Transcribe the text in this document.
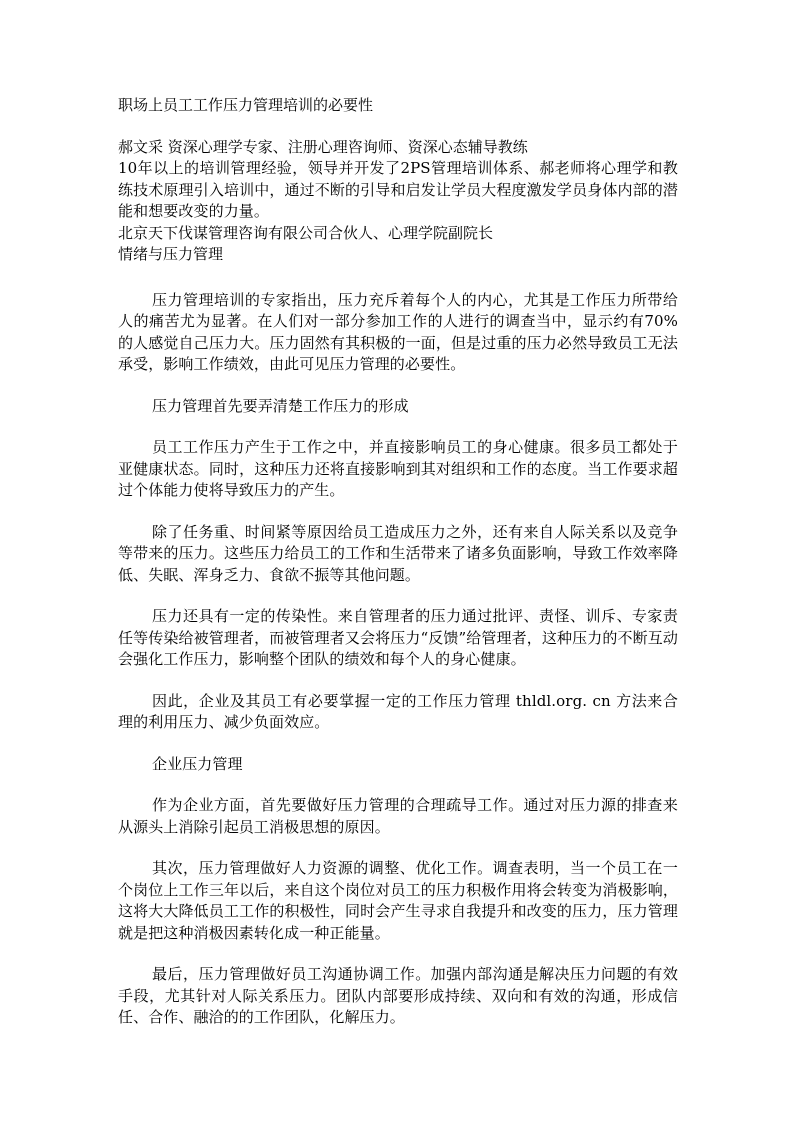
职场上员工工作压力管理培训的必要性
郝文采 资深心理学专家、注册心理咨询师、资深心态辅导教练
10年以上的培训管理经验，领导并开发了2PS管理培训体系、郝老师将心理学和教练技术原理引入培训中，通过不断的引导和启发让学员大程度激发学员身体内部的潜能和想要改变的力量。
北京天下伐谋管理咨询有限公司合伙人、心理学院副院长
情绪与压力管理
压力管理培训的专家指出，压力充斥着每个人的内心，尤其是工作压力所带给人的痛苦尤为显著。在人们对一部分参加工作的人进行的调查当中，显示约有70%的人感觉自己压力大。压力固然有其积极的一面，但是过重的压力必然导致员工无法承受，影响工作绩效，由此可见压力管理的必要性。
压力管理首先要弄清楚工作压力的形成
员工工作压力产生于工作之中，并直接影响员工的身心健康。很多员工都处于亚健康状态。同时，这种压力还将直接影响到其对组织和工作的态度。当工作要求超过个体能力使将导致压力的产生。
除了任务重、时间紧等原因给员工造成压力之外，还有来自人际关系以及竞争等带来的压力。这些压力给员工的工作和生活带来了诸多负面影响，导致工作效率降低、失眠、浑身乏力、食欲不振等其他问题。
压力还具有一定的传染性。来自管理者的压力通过批评、责怪、训斥、专家责任等传染给被管理者，而被管理者又会将压力“反馈”给管理者，这种压力的不断互动会强化工作压力，影响整个团队的绩效和每个人的身心健康。
因此，企业及其员工有必要掌握一定的工作压力管理 thldl.org. cn 方法来合理的利用压力、减少负面效应。
企业压力管理
作为企业方面，首先要做好压力管理的合理疏导工作。通过对压力源的排查来从源头上消除引起员工消极思想的原因。
其次，压力管理做好人力资源的调整、优化工作。调查表明，当一个员工在一个岗位上工作三年以后，来自这个岗位对员工的压力积极作用将会转变为消极影响，这将大大降低员工工作的积极性，同时会产生寻求自我提升和改变的压力，压力管理就是把这种消极因素转化成一种正能量。
最后，压力管理做好员工沟通协调工作。加强内部沟通是解决压力问题的有效手段，尤其针对人际关系压力。团队内部要形成持续、双向和有效的沟通，形成信任、合作、融洽的的工作团队，化解压力。
